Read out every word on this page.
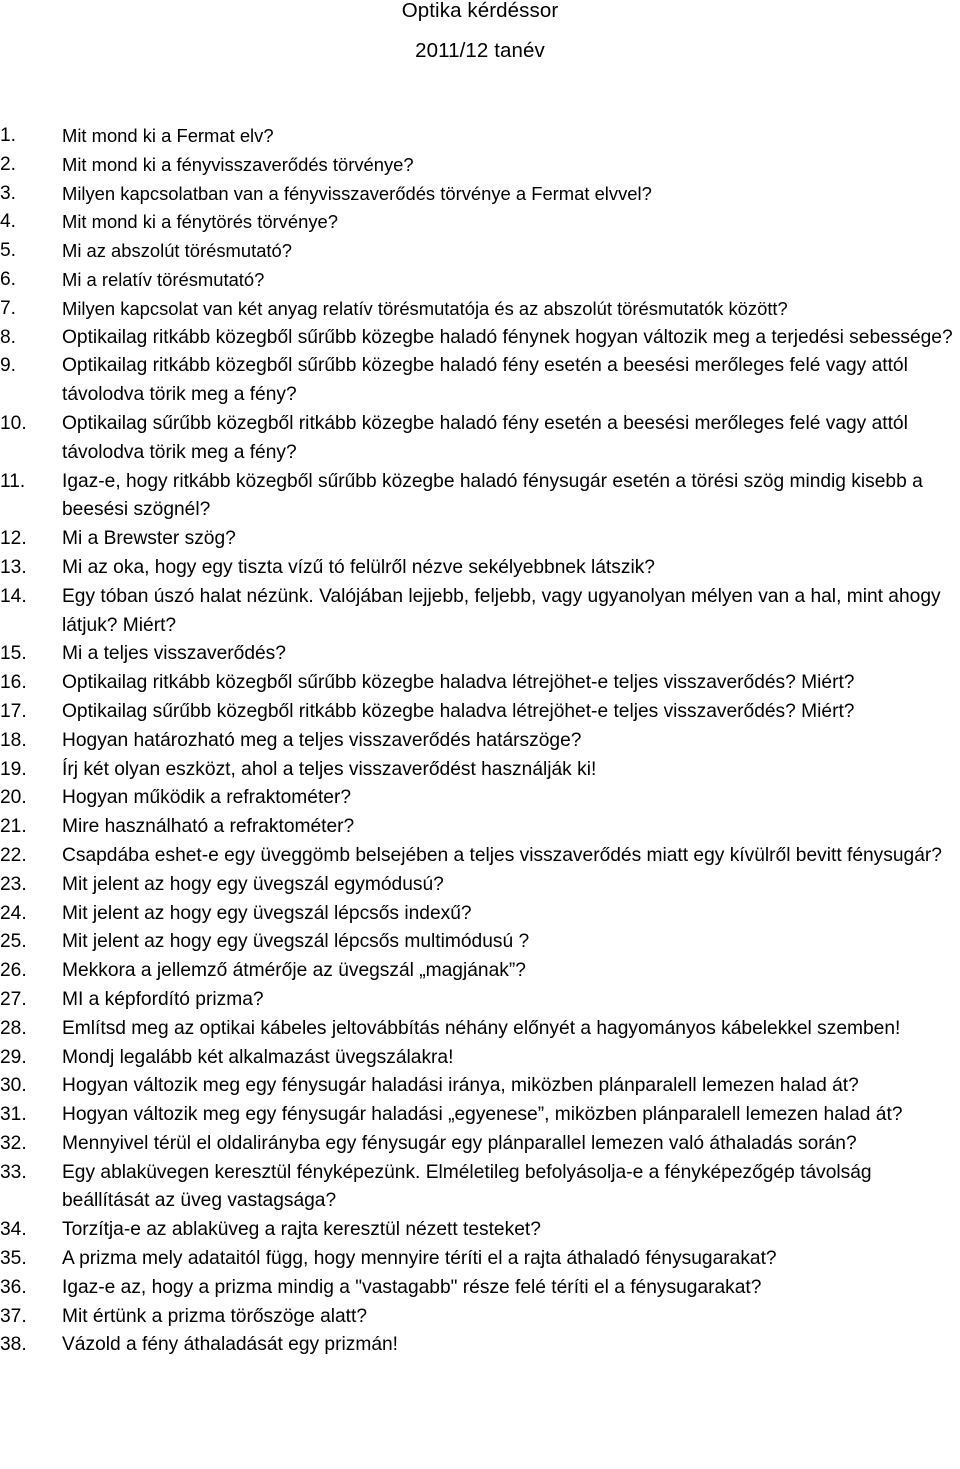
Optika kérdéssor
2011/12 tanév
1.	Mit mond ki a Fermat elv?
2.	Mit mond ki a fényvisszaverődés törvénye?
3.	Milyen kapcsolatban van a fényvisszaverődés törvénye a Fermat elvvel?
4.	Mit mond ki a fénytörés törvénye?
5.	Mi az abszolút törésmutató?
6.	Mi a relatív törésmutató?
7.	Milyen kapcsolat van két anyag relatív törésmutatója és az abszolút törésmutatók között?
8.	Optikailag ritkább közegből sűrűbb közegbe haladó fénynek hogyan változik meg a terjedési sebessége?
9.	Optikailag ritkább közegből sűrűbb közegbe haladó fény esetén a beesési merőleges felé vagy attól távolodva törik meg a fény?
10.	Optikailag sűrűbb közegből ritkább közegbe haladó fény esetén a beesési merőleges felé vagy attól távolodva törik meg a fény?
11.	Igaz-e, hogy ritkább közegből sűrűbb közegbe haladó fénysugár esetén a törési szög mindig kisebb a beesési szögnél?
12.	Mi a Brewster szög?
13.	Mi az oka, hogy egy tiszta vízű tó felülről nézve sekélyebbnek látszik?
14.	Egy tóban úszó halat nézünk. Valójában lejjebb, feljebb, vagy ugyanolyan mélyen van a hal, mint ahogy látjuk? Miért?
15.	Mi a teljes visszaverődés?
16.	Optikailag ritkább közegből sűrűbb közegbe haladva létrejöhet-e teljes visszaverődés? Miért?
17.	Optikailag sűrűbb közegből ritkább közegbe haladva létrejöhet-e teljes visszaverődés? Miért?
18.	Hogyan határozható meg a teljes visszaverődés határszöge?
19.	Írj két olyan eszközt, ahol a teljes visszaverődést használják ki!
20.	Hogyan működik a refraktométer?
21.	Mire használható a refraktométer?
22.	Csapdába eshet-e egy üveggömb belsejében a teljes visszaverődés miatt egy kívülről bevitt fénysugár?
23.	Mit jelent az hogy egy üvegszál egymódusú?
24.	Mit jelent az hogy egy üvegszál lépcsős indexű?
25.	Mit jelent az hogy egy üvegszál lépcsős multimódusú ?
26.	Mekkora a jellemző átmérője az üvegszál „magjának”?
27.	MI a képfordító prizma?
28.	Említsd meg az optikai kábeles jeltovábbítás néhány előnyét a hagyományos kábelekkel szemben!
29.	Mondj legalább két alkalmazást üvegszálakra!
30.	Hogyan változik meg egy fénysugár haladási iránya, miközben plánparalell lemezen halad át?
31.	Hogyan változik meg egy fénysugár haladási „egyenese”, miközben plánparalell lemezen halad át?
32.	Mennyivel térül el oldalirányba egy fénysugár egy plánparallel lemezen való áthaladás során?
33.	Egy ablaküvegen keresztül fényképezünk. Elméletileg befolyásolja-e a fényképezőgép távolság beállítását az üveg vastagsága?
34.	Torzítja-e az ablaküveg a rajta keresztül nézett testeket?
35.	A prizma mely adataitól függ, hogy mennyire téríti el a rajta áthaladó fénysugarakat?
36.	Igaz-e az, hogy a prizma mindig a "vastagabb" része felé téríti el a fénysugarakat?
37.	Mit értünk a prizma törőszöge alatt?
38.	Vázold a fény áthaladását egy prizmán!
